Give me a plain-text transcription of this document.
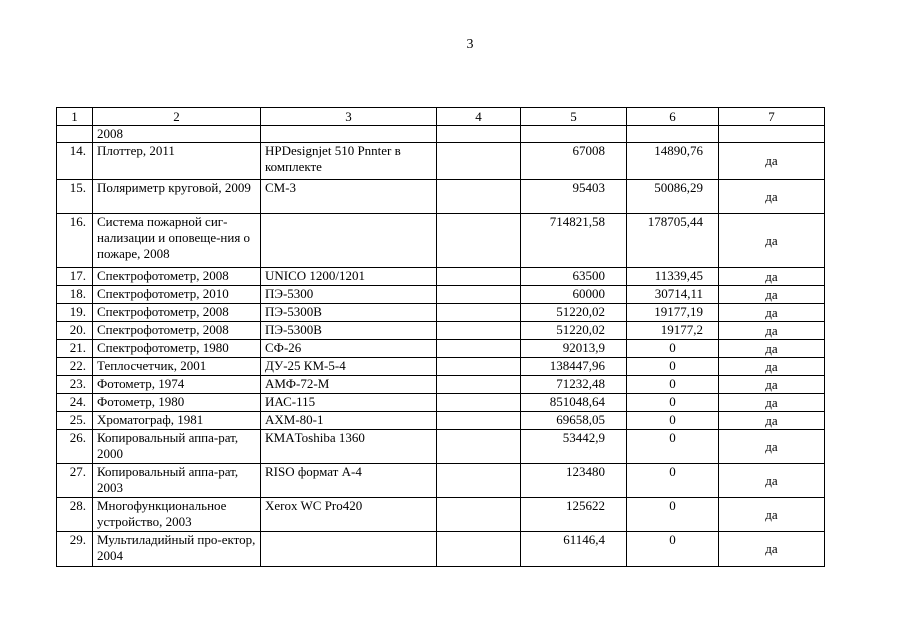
3
1	2	3	4	5	6	7
	2008					
14.	Плоттер, 2011	HPDesignjet 510 Pnnter в комплекте		67008	14890,76	да
15.	Поляриметр круговой, 2009	СМ-3		95403	50086,29	да
16.	Система пожарной сиг-нализации и оповеще-ния о пожаре, 2008			714821,58	178705,44	да
17.	Спектрофотометр, 2008	UNICO 1200/1201		63500	11339,45	да
18.	Спектрофотометр, 2010	ПЭ-5300		60000	30714,11	да
19.	Спектрофотометр, 2008	ПЭ-5300В		51220,02	19177,19	да
20.	Спектрофотометр, 2008	ПЭ-5300В		51220,02	19177,2	да
21.	Спектрофотометр, 1980	СФ-26		92013,9	0	да
22.	Теплосчетчик, 2001	ДУ-25 КМ-5-4		138447,96	0	да
23.	Фотометр, 1974	АМФ-72-М		71232,48	0	да
24.	Фотометр, 1980	ИАС-115		851048,64	0	да
25.	Хроматограф, 1981	АХМ-80-1		69658,05	0	да
26.	Копировальный аппа-рат, 2000	КМАToshiba 1360		53442,9	0	да
27.	Копировальный аппа-рат, 2003	RISO формат А-4		123480	0	да
28.	Многофункциональное устройство, 2003	Xerox WC Pro420		125622	0	да
29.	Мультиладийный про-ектор, 2004			61146,4	0	да
